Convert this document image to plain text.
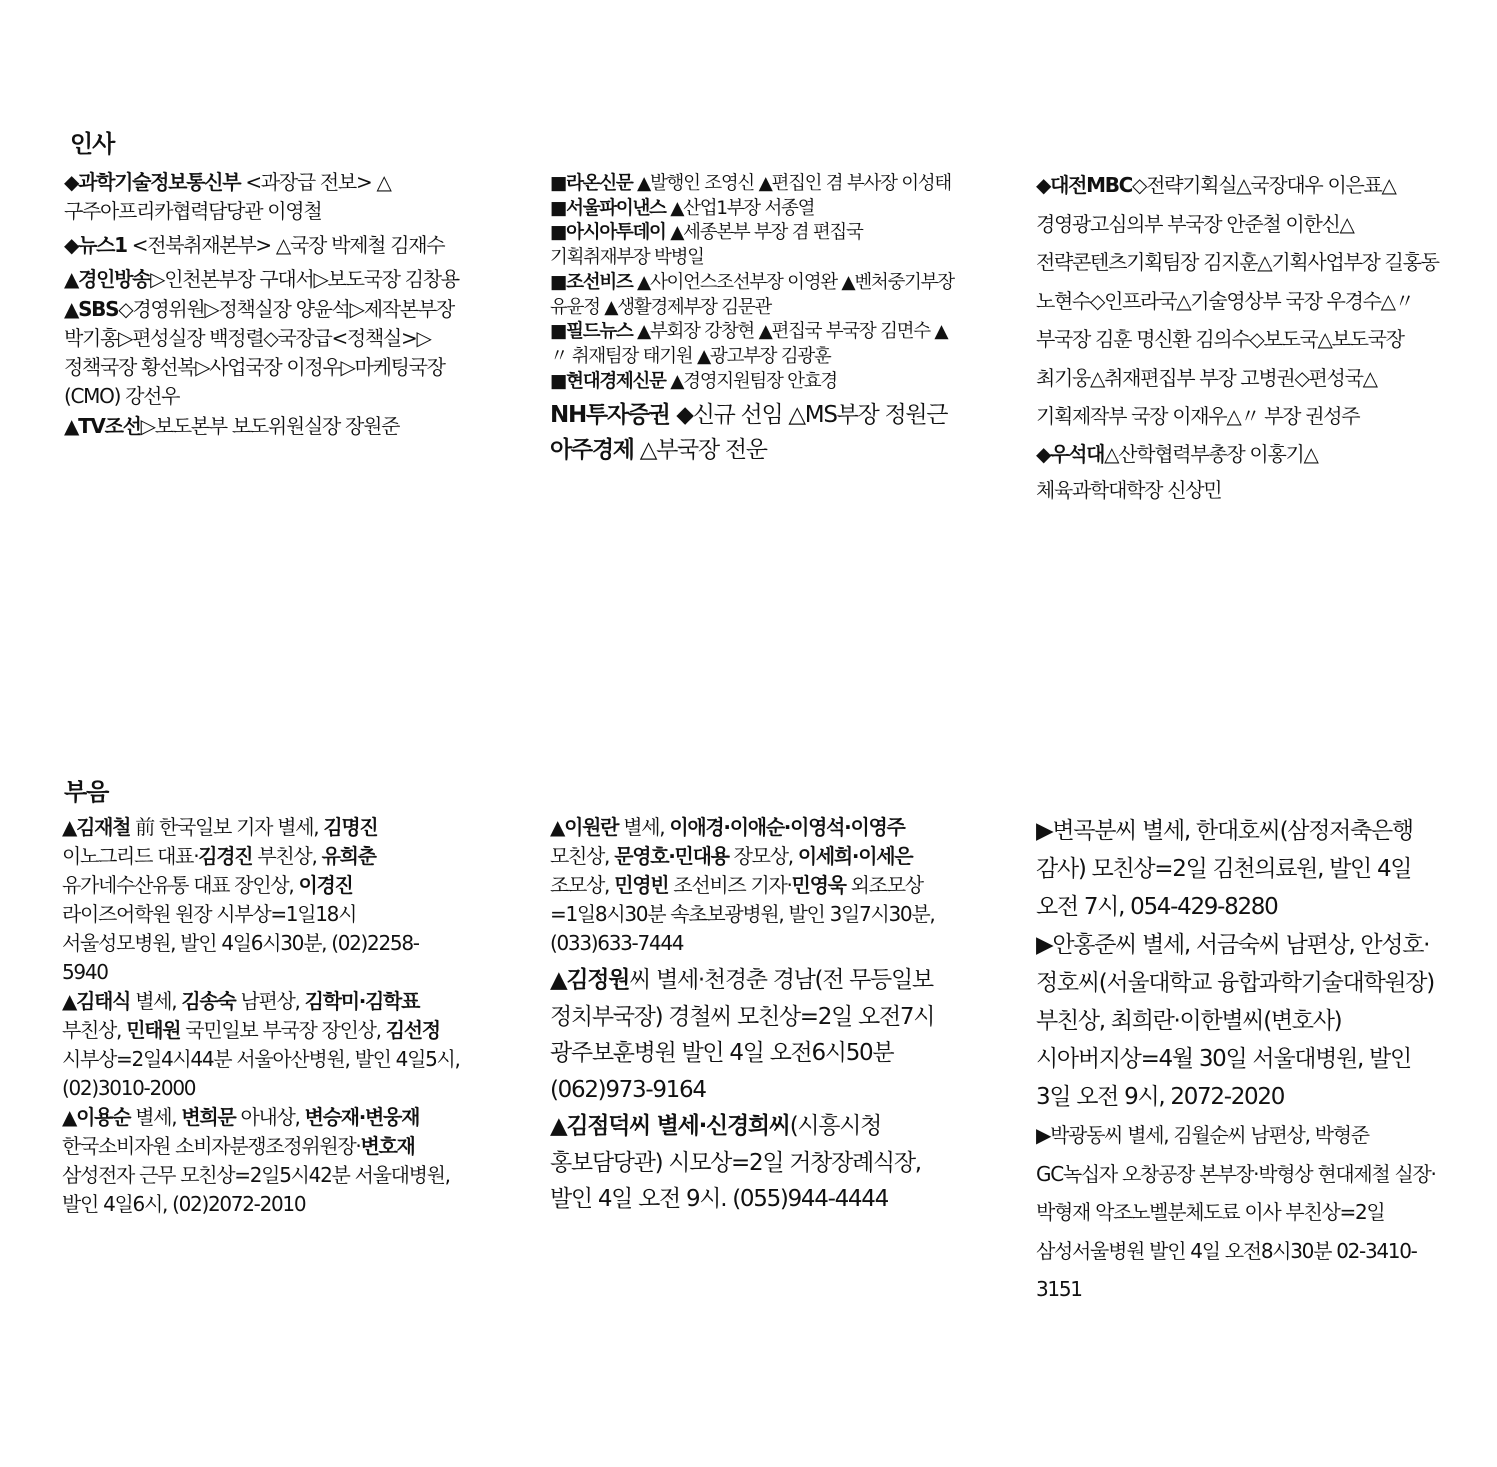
인사

◆과학기술정보통신부 <과장급 전보> △구주아프리카협력담당관 이영철

◆뉴스1 <전북취재본부> △국장 박제철 김재수

▲경인방송▷인천본부장 구대서▷보도국장 김창용

▲SBS◇경영위원▷정책실장 양윤석▷제작본부장 박기홍▷편성실장 백정렬◇국장급<정책실>▷정책국장 황선복▷사업국장 이정우▷마케팅국장(CMO) 강선우

▲TV조선▷보도본부 보도위원실장 장원준

■라온신문 ▲발행인 조영신 ▲편집인 겸 부사장 이성태

■서울파이낸스 ▲산업1부장 서종열

■아시아투데이 ▲세종본부 부장 겸 편집국 기획취재부장 박병일

■조선비즈 ▲사이언스조선부장 이영완 ▲벤처중기부장 유윤정 ▲생활경제부장 김문관

■필드뉴스 ▲부회장 강창현 ▲편집국 부국장 김면수 ▲〃 취재팀장 태기원 ▲광고부장 김광훈

■현대경제신문 ▲경영지원팀장 안효경

NH투자증권 ◆신규 선임 △MS부장 정원근

아주경제 △부국장 전운

◆대전MBC◇전략기획실△국장대우 이은표△경영광고심의부 부국장 안준철 이한신△전략콘텐츠기획팀장 김지훈△기획사업부장 길홍동 노현수◇인프라국△기술영상부 국장 우경수△〃 부국장 김훈 명신환 김의수◇보도국△보도국장 최기웅△취재편집부 부장 고병권◇편성국△기획제작부 국장 이재우△〃 부장 권성주

◆우석대△산학협력부총장 이홍기△체육과학대학장 신상민

부음

▲김재철 前 한국일보 기자 별세, 김명진 이노그리드 대표·김경진 부친상, 유희춘 유가네수산유통 대표 장인상, 이경진 라이즈어학원 원장 시부상=1일18시 서울성모병원, 발인 4일6시30분, (02)2258-5940

▲김태식 별세, 김송숙 남편상, 김학미·김학표 부친상, 민태원 국민일보 부국장 장인상, 김선정 시부상=2일4시44분 서울아산병원, 발인 4일5시, (02)3010-2000

▲이용순 별세, 변희문 아내상, 변승재·변웅재 한국소비자원 소비자분쟁조정위원장·변호재 삼성전자 근무 모친상=2일5시42분 서울대병원, 발인 4일6시, (02)2072-2010

▲이원란 별세, 이애경·이애순·이영석·이영주 모친상, 문영호·민대용 장모상, 이세희·이세은 조모상, 민영빈 조선비즈 기자·민영욱 외조모상=1일8시30분 속초보광병원, 발인 3일7시30분, (033)633-7444

▲김정원씨 별세·천경춘 경남(전 무등일보 정치부국장) 경철씨 모친상=2일 오전7시 광주보훈병원 발인 4일 오전6시50분 (062)973-9164

▲김점덕씨 별세·신경희씨(시흥시청 홍보담당관) 시모상=2일 거창장례식장, 발인 4일 오전 9시. (055)944-4444

▶변곡분씨 별세, 한대호씨(삼정저축은행 감사) 모친상=2일 김천의료원, 발인 4일 오전 7시, 054-429-8280

▶안홍준씨 별세, 서금숙씨 남편상, 안성호·정호씨(서울대학교 융합과학기술대학원장) 부친상, 최희란·이한별씨(변호사) 시아버지상=4월 30일 서울대병원, 발인 3일 오전 9시, 2072-2020

▶박광동씨 별세, 김월순씨 남편상, 박형준 GC녹십자 오창공장 본부장·박형상 현대제철 실장·박형재 악조노벨분체도료 이사 부친상=2일 삼성서울병원 발인 4일 오전8시30분 02-3410-3151
